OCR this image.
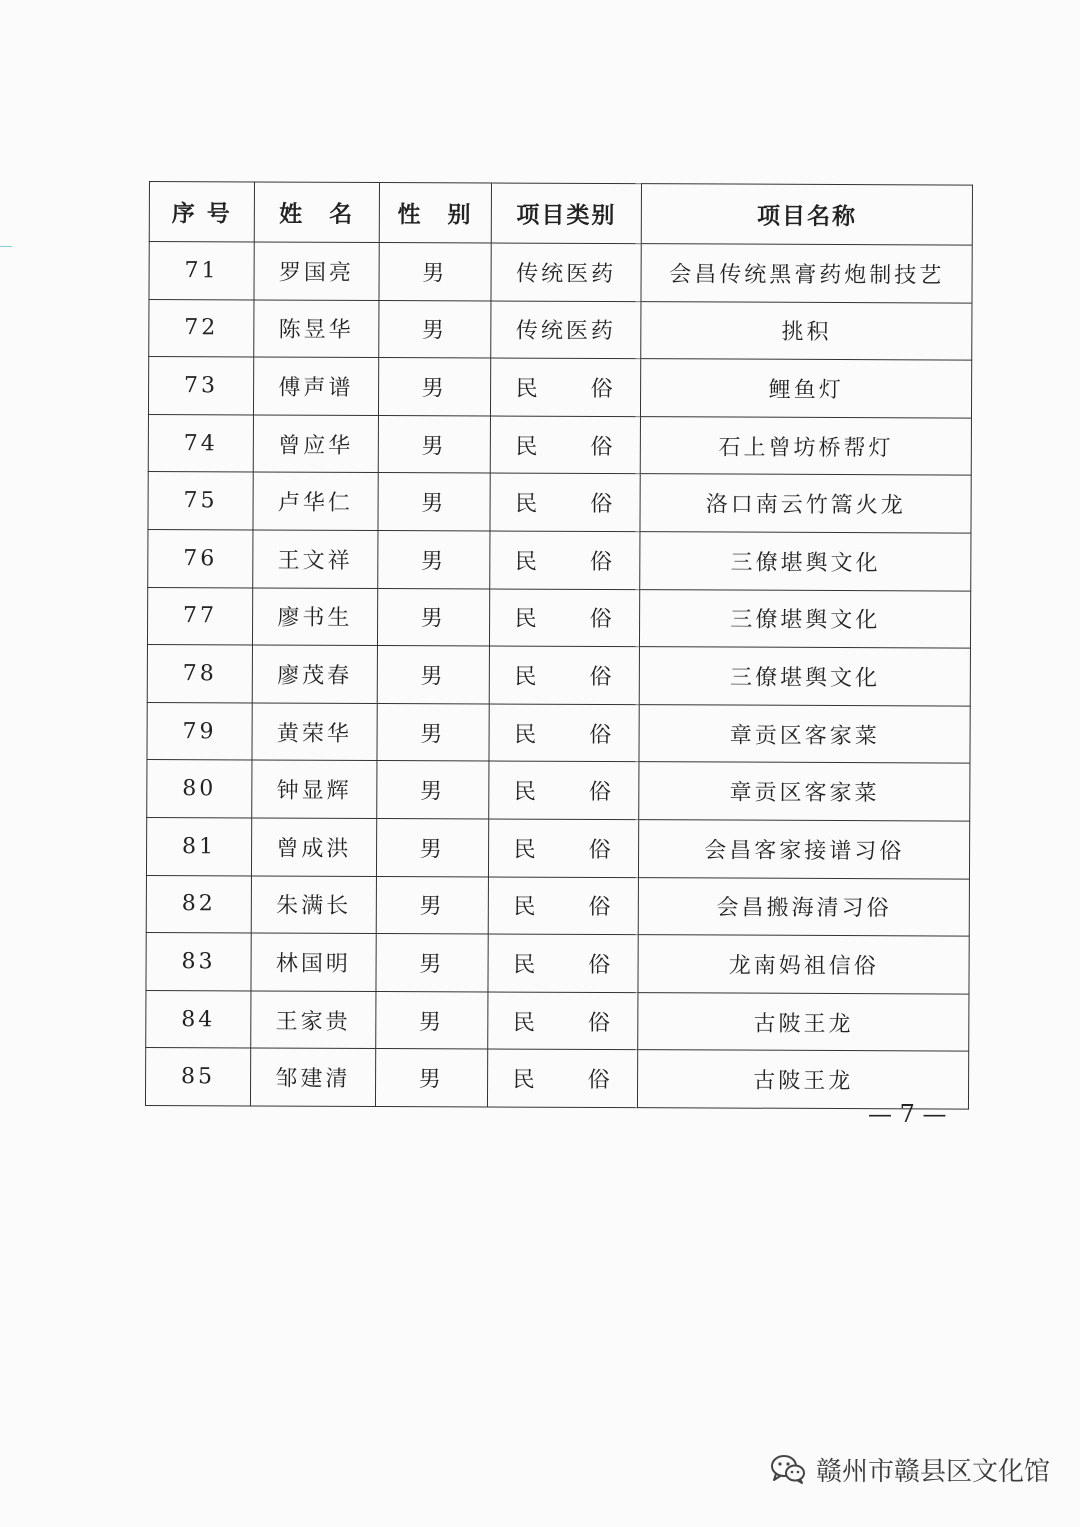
序 号	姓　名	性　别	项目类别	项目名称
71	罗国亮	男	传统医药	会昌传统黑膏药炮制技艺
72	陈昱华	男	传统医药	挑积
73	傅声谱	男	民　　俗	鲤鱼灯
74	曾应华	男	民　　俗	石上曾坊桥帮灯
75	卢华仁	男	民　　俗	洛口南云竹篙火龙
76	王文祥	男	民　　俗	三僚堪舆文化
77	廖书生	男	民　　俗	三僚堪舆文化
78	廖茂春	男	民　　俗	三僚堪舆文化
79	黄荣华	男	民　　俗	章贡区客家菜
80	钟显辉	男	民　　俗	章贡区客家菜
81	曾成洪	男	民　　俗	会昌客家接谱习俗
82	朱满长	男	民　　俗	会昌搬海清习俗
83	林国明	男	民　　俗	龙南妈祖信俗
84	王家贵	男	民　　俗	古陂王龙
85	邹建清	男	民　　俗	古陂王龙
— 7 —
赣州市赣县区文化馆
